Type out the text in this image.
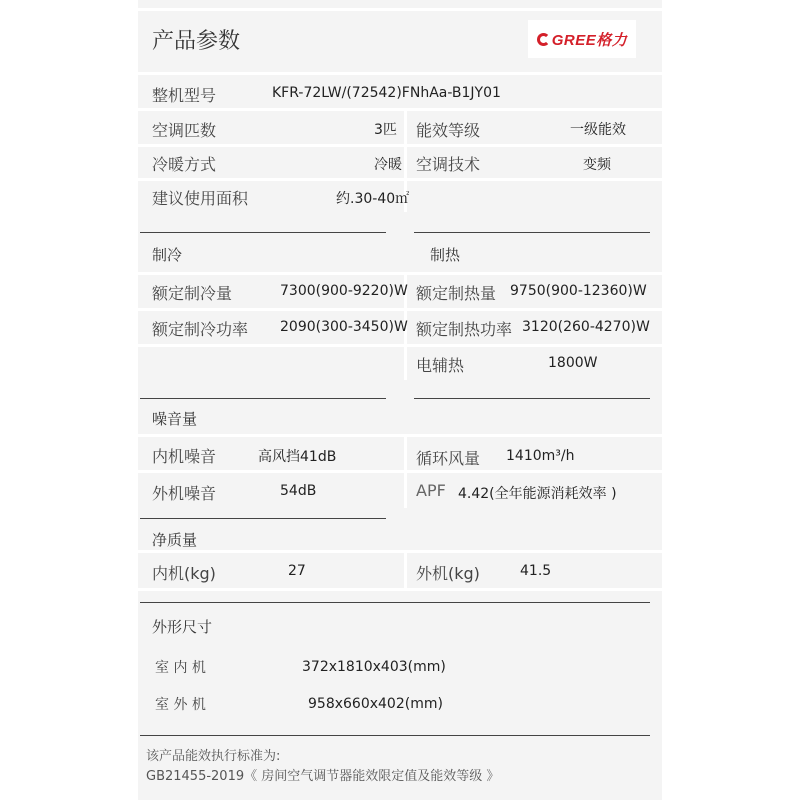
产品参数	GREE格力
整机型号	KFR-72LW/(72542)FNhAa-B1JY01
空调匹数	3匹 能效等级	一级能效
冷暖方式	冷暖 空调技术	变频
建议使用面积	约.30-40㎡
制冷	制热
额定制冷量	7300(900-9220)W 额定制热量 9750(900-12360)W
额定制冷功率 2090(300-3450)W 额定制热功率 3120(260-4270)W
电辅热	1800W
噪音量
内机噪音	高风挡41dB	循环风量 1410m³/h
外机噪音	54dB	APF 4.42(全年能源消耗效率 )
净质量
内机(kg)	27	外机(kg)	41.5
外形尺寸
室 内 机	372x1810x403(mm)
室 外 机	958x660x402(mm)
该产品能效执行标准为:
GB21455-2019《 房间空气调节器能效限定值及能效等级 》
